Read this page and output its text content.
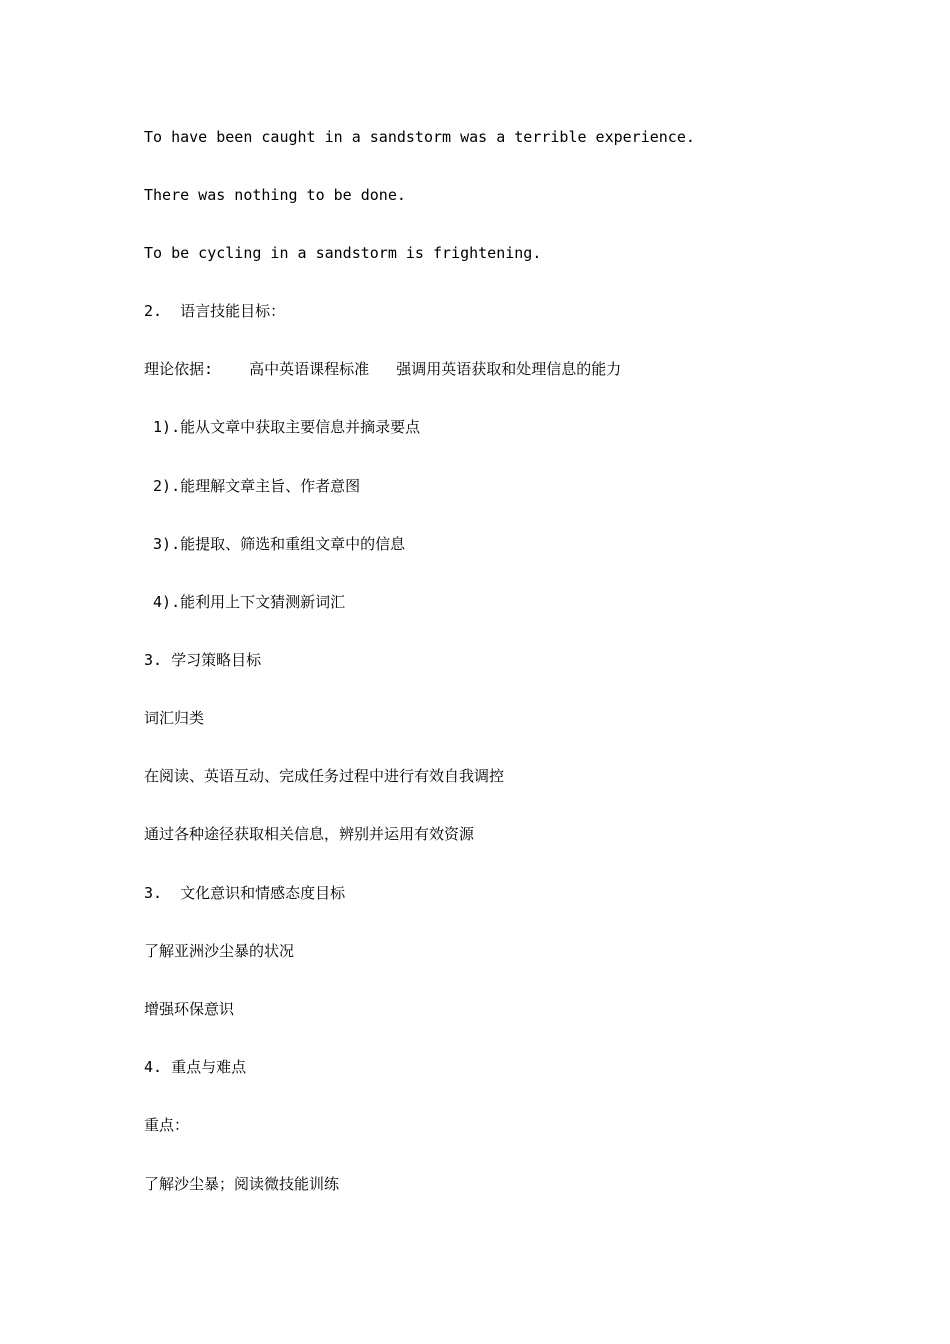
To have been caught in a sandstorm was a terrible experience.
There was nothing to be done.
To be cycling in a sandstorm is frightening.
2.  语言技能目标：
理论依据:    高中英语课程标准   强调用英语获取和处理信息的能力
1).能从文章中获取主要信息并摘录要点
2).能理解文章主旨、作者意图
3).能提取、筛选和重组文章中的信息
4).能利用上下文猜测新词汇
3. 学习策略目标
词汇归类
在阅读、英语互动、完成任务过程中进行有效自我调控
通过各种途径获取相关信息，辨别并运用有效资源
3.  文化意识和情感态度目标
了解亚洲沙尘暴的状况
增强环保意识
4. 重点与难点
重点：
了解沙尘暴；阅读微技能训练
